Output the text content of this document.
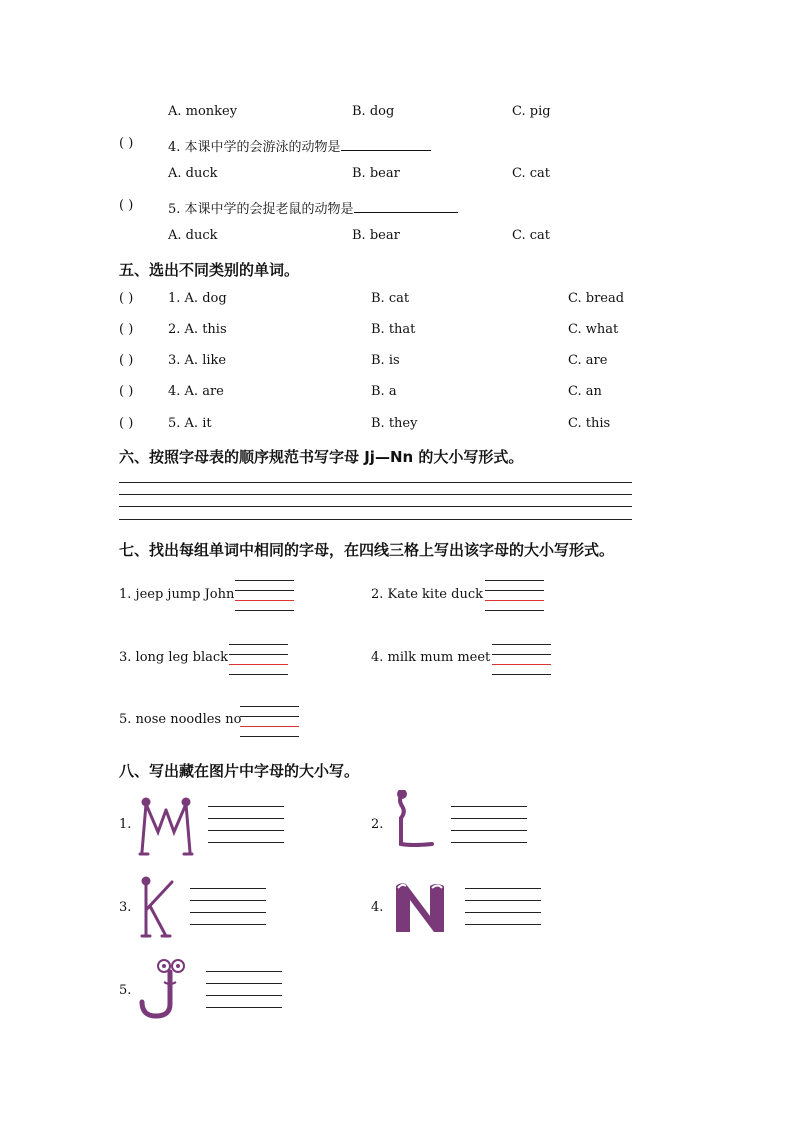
A. monkey	B. dog	C. pig
( )	4. 本课中学的会游泳的动物是
A. duck	B. bear	C. cat
( )	5. 本课中学的会捉老鼠的动物是
A. duck	B. bear	C. cat
五、选出不同类别的单词。
( )	1. A. dog	B. cat	C. bread
( )	2. A. this	B. that	C. what
( )	3. A. like	B. is	C. are
( )	4. A. are	B. a	C. an
( )	5. A. it	B. they	C. this
六、按照字母表的顺序规范书写字母 Jj—Nn 的大小写形式。
七、找出每组单词中相同的字母，在四线三格上写出该字母的大小写形式。
1. jeep jump John	2. Kate kite duck
3. long leg black	4. milk mum meet
5. nose noodles no
八、写出藏在图片中字母的大小写。
1.	2.
3.	4.
5.
